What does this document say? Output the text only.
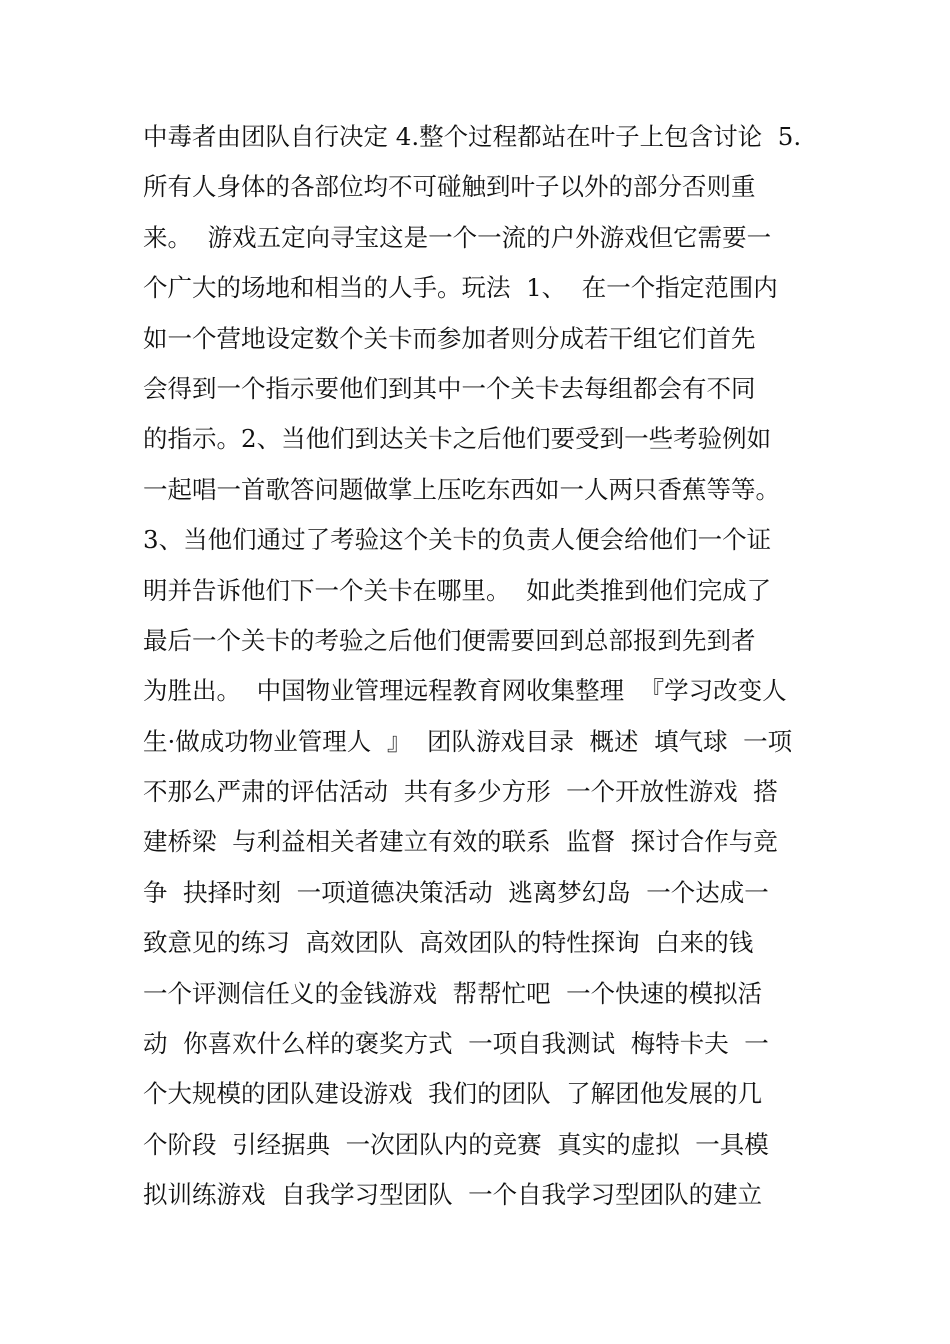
中毒者由团队自行决定 4.整个过程都站在叶子上包含讨论  5.
所有人身体的各部位均不可碰触到叶子以外的部分否则重
来。  游戏五定向寻宝这是一个一流的户外游戏但它需要一
个广大的场地和相当的人手。玩法  1、  在一个指定范围内
如一个营地设定数个关卡而参加者则分成若干组它们首先
会得到一个指示要他们到其中一个关卡去每组都会有不同
的指示。2、当他们到达关卡之后他们要受到一些考验例如
一起唱一首歌答问题做掌上压吃东西如一人两只香蕉等等。
3、当他们通过了考验这个关卡的负责人便会给他们一个证
明并告诉他们下一个关卡在哪里。  如此类推到他们完成了
最后一个关卡的考验之后他们便需要回到总部报到先到者
为胜出。  中国物业管理远程教育网收集整理  『学习改变人
生·做成功物业管理人  』  团队游戏目录  概述  填气球  一项
不那么严肃的评估活动  共有多少方形  一个开放性游戏  搭
建桥梁  与利益相关者建立有效的联系  监督  探讨合作与竞
争  抉择时刻  一项道德决策活动  逃离梦幻岛  一个达成一
致意见的练习  高效团队  高效团队的特性探询  白来的钱
一个评测信任义的金钱游戏  帮帮忙吧  一个快速的模拟活
动  你喜欢什么样的褒奖方式  一项自我测试  梅特卡夫  一
个大规模的团队建设游戏  我们的团队  了解团他发展的几
个阶段  引经据典  一次团队内的竞赛  真实的虚拟  一具模
拟训练游戏  自我学习型团队  一个自我学习型团队的建立
